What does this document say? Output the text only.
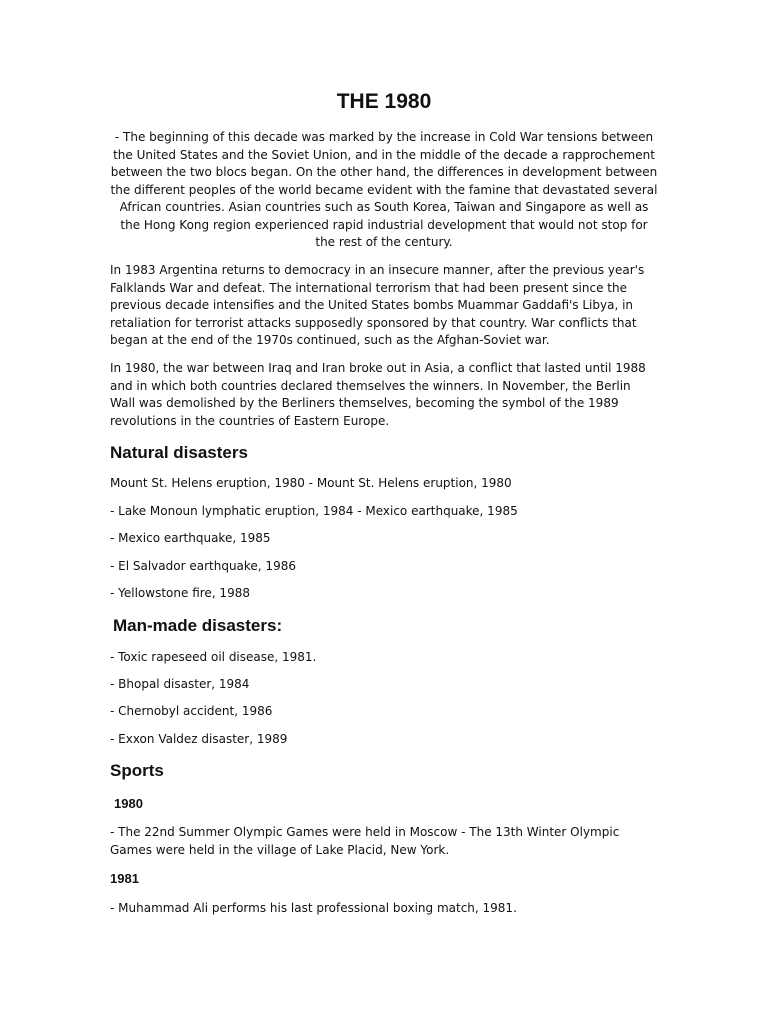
THE 1980

- The beginning of this decade was marked by the increase in Cold War tensions between the United States and the Soviet Union, and in the middle of the decade a rapprochement between the two blocs began. On the other hand, the differences in development between the different peoples of the world became evident with the famine that devastated several African countries. Asian countries such as South Korea, Taiwan and Singapore as well as the Hong Kong region experienced rapid industrial development that would not stop for the rest of the century.

In 1983 Argentina returns to democracy in an insecure manner, after the previous year's Falklands War and defeat. The international terrorism that had been present since the previous decade intensifies and the United States bombs Muammar Gaddafi's Libya, in retaliation for terrorist attacks supposedly sponsored by that country. War conflicts that began at the end of the 1970s continued, such as the Afghan-Soviet war.

In 1980, the war between Iraq and Iran broke out in Asia, a conflict that lasted until 1988 and in which both countries declared themselves the winners. In November, the Berlin Wall was demolished by the Berliners themselves, becoming the symbol of the 1989 revolutions in the countries of Eastern Europe.

Natural disasters

Mount St. Helens eruption, 1980 - Mount St. Helens eruption, 1980

- Lake Monoun lymphatic eruption, 1984 - Mexico earthquake, 1985

- Mexico earthquake, 1985

- El Salvador earthquake, 1986

- Yellowstone fire, 1988

Man-made disasters:

- Toxic rapeseed oil disease, 1981.

- Bhopal disaster, 1984

- Chernobyl accident, 1986

- Exxon Valdez disaster, 1989

Sports
1980

- The 22nd Summer Olympic Games were held in Moscow - The 13th Winter Olympic Games were held in the village of Lake Placid, New York.

1981

- Muhammad Ali performs his last professional boxing match, 1981.
